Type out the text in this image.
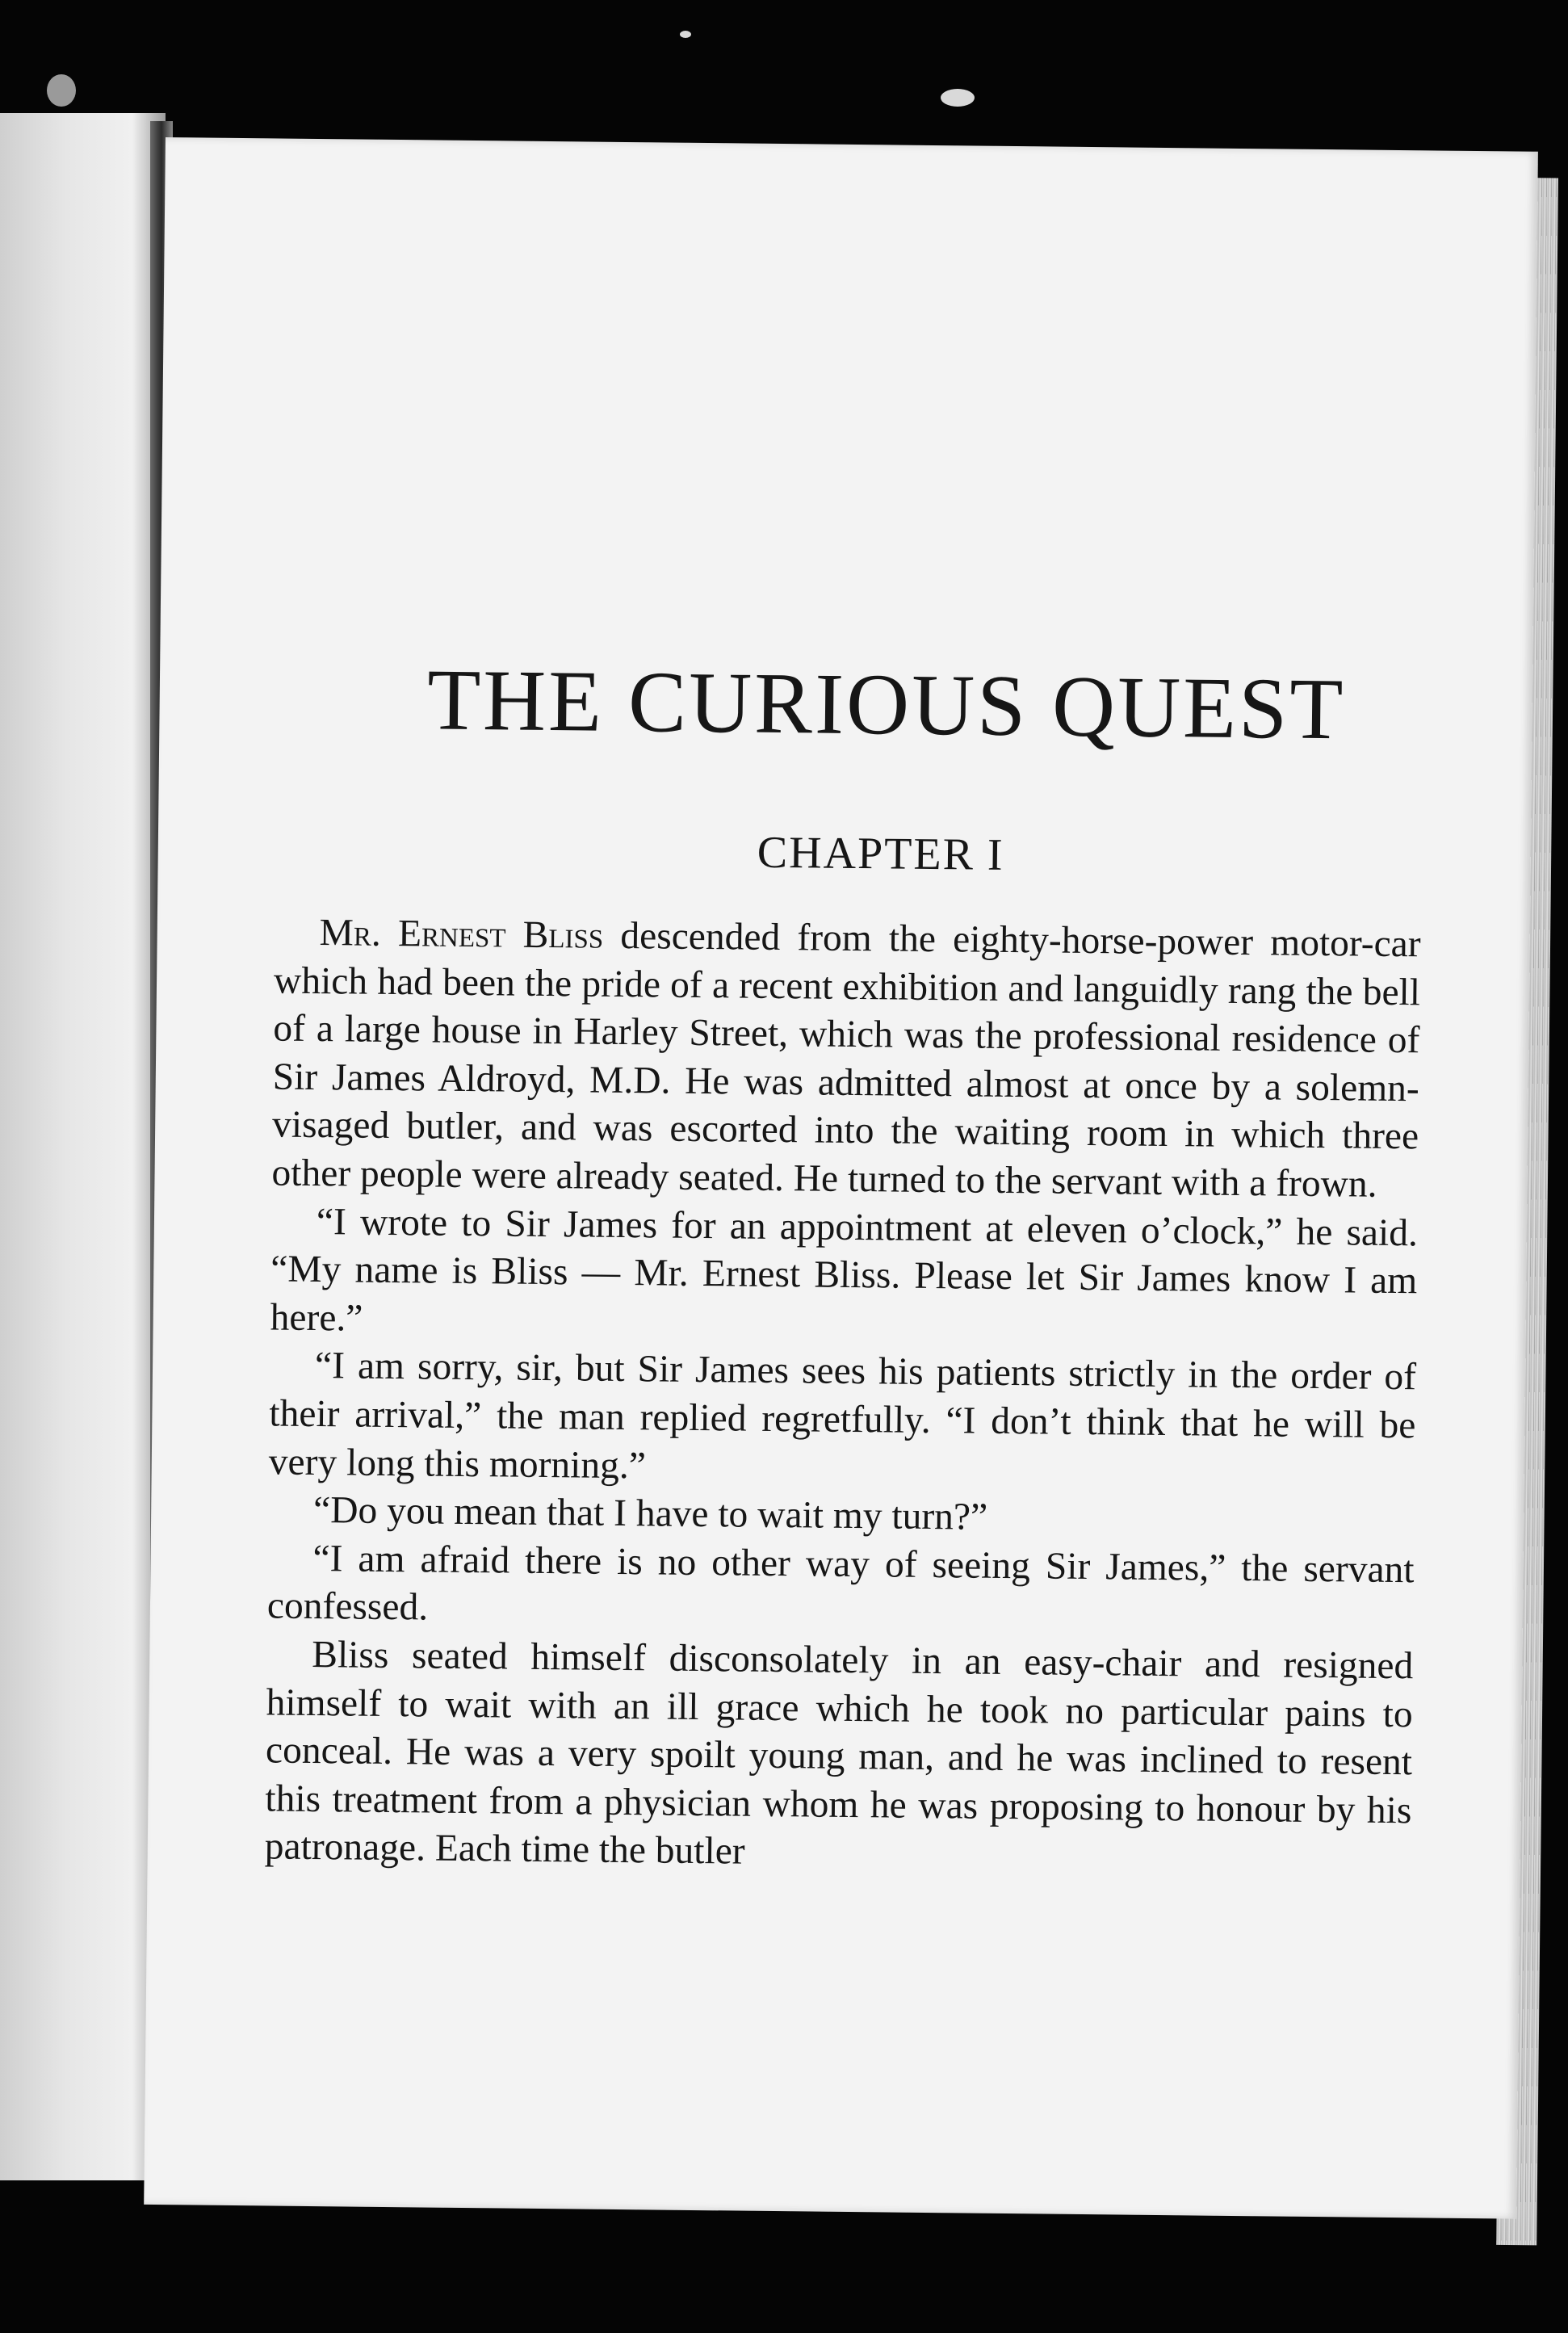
THE CURIOUS QUEST
CHAPTER I

Mr. Ernest Bliss descended from the eighty-horse-power motor-car which had been the pride of a recent exhibition and languidly rang the bell of a large house in Harley Street, which was the professional residence of Sir James Aldroyd, M.D. He was admitted almost at once by a solemn-visaged butler, and was escorted into the waiting room in which three other people were already seated. He turned to the servant with a frown.

“I wrote to Sir James for an appointment at eleven o’clock,” he said. “My name is Bliss — Mr. Ernest Bliss. Please let Sir James know I am here.”

“I am sorry, sir, but Sir James sees his patients strictly in the order of their arrival,” the man replied regretfully. “I don’t think that he will be very long this morning.”

“Do you mean that I have to wait my turn?”

“I am afraid there is no other way of seeing Sir James,” the servant confessed.

Bliss seated himself disconsolately in an easy-chair and resigned himself to wait with an ill grace which he took no particular pains to conceal. He was a very spoilt young man, and he was inclined to resent this treatment from a physician whom he was proposing to honour by his patronage. Each time the butler
